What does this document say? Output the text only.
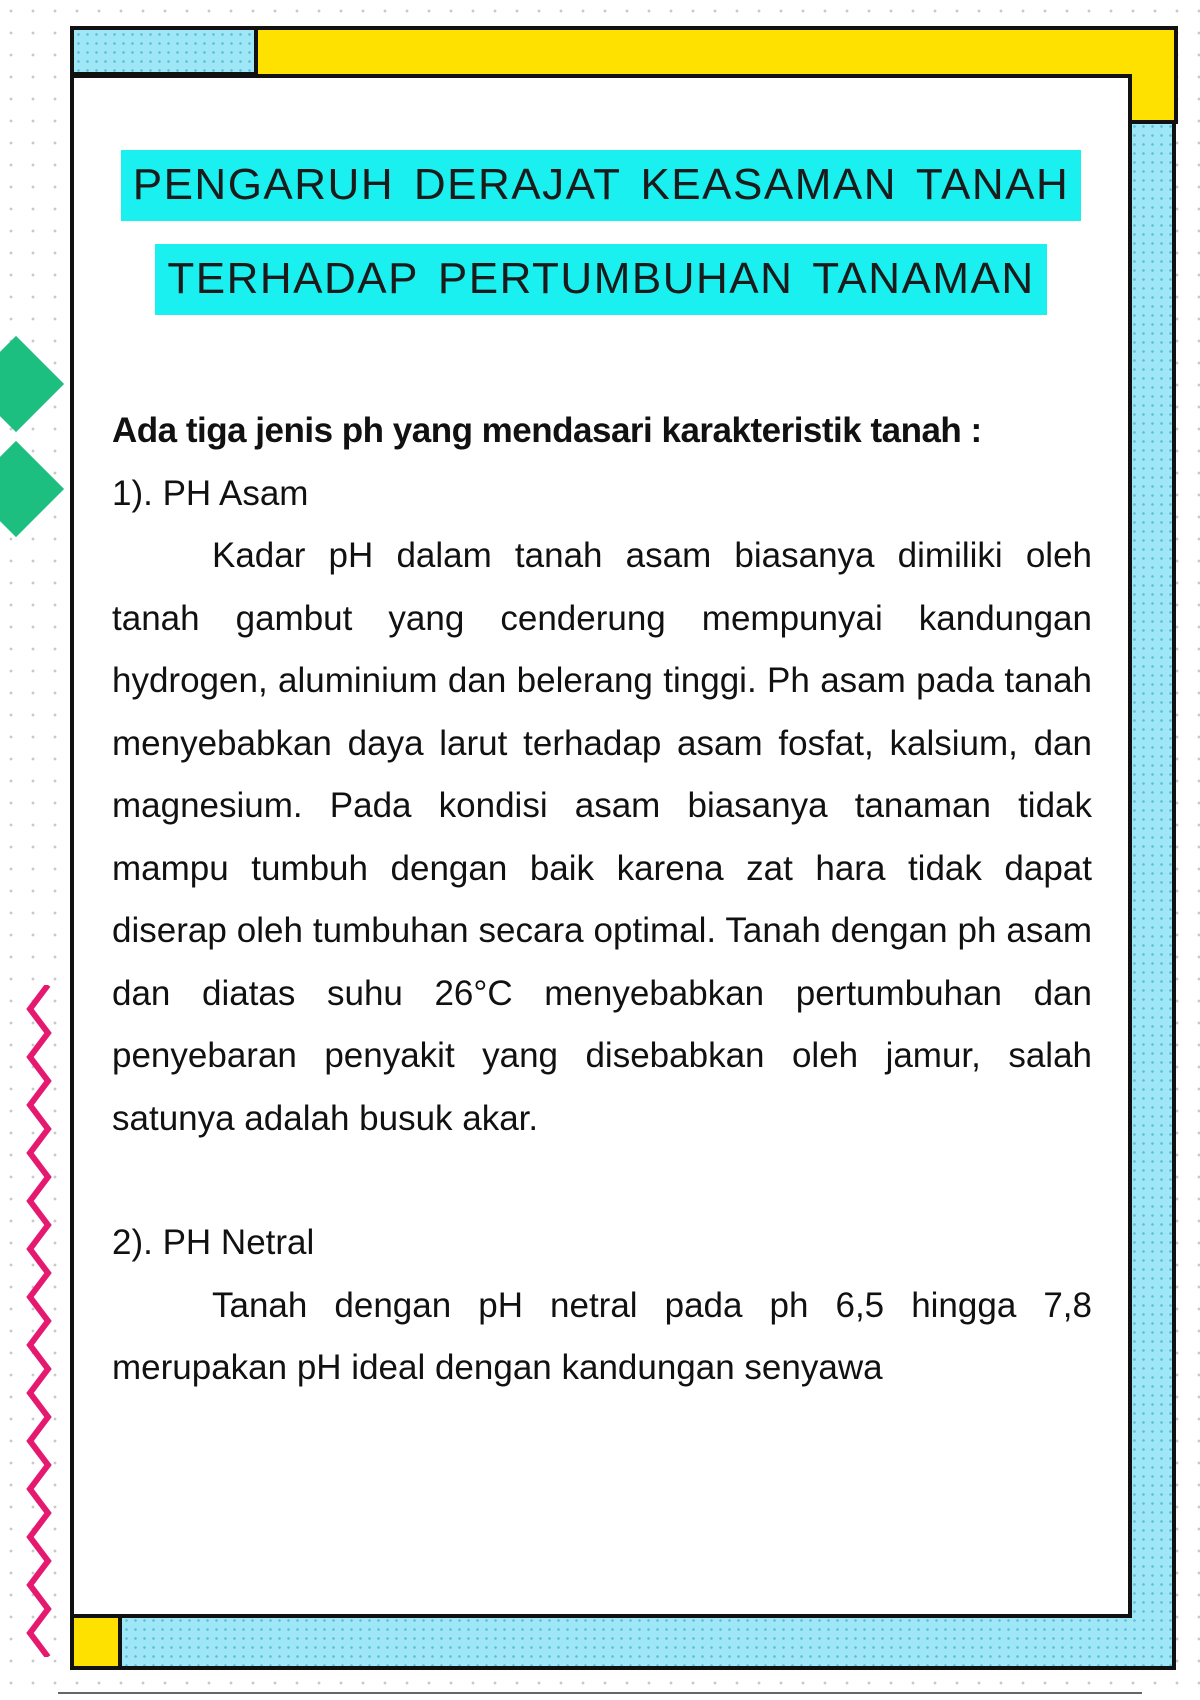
PENGARUH DERAJAT KEASAMAN TANAH
TERHADAP PERTUMBUHAN TANAMAN

Ada tiga jenis ph yang mendasari karakteristik tanah :

1). PH Asam

Kadar pH dalam tanah asam biasanya dimiliki oleh tanah gambut yang cenderung mempunyai kandungan hydrogen, aluminium dan belerang tinggi. Ph asam pada tanah menyebabkan daya larut terhadap asam fosfat, kalsium, dan magnesium. Pada kondisi asam biasanya tanaman tidak mampu tumbuh dengan baik karena zat hara tidak dapat diserap oleh tumbuhan secara optimal. Tanah dengan ph asam dan diatas suhu 26°C menyebabkan pertumbuhan dan penyebaran penyakit yang disebabkan oleh jamur, salah satunya adalah busuk akar.

2). PH Netral

Tanah dengan pH netral pada ph 6,5 hingga 7,8 merupakan pH ideal dengan kandungan senyawa
